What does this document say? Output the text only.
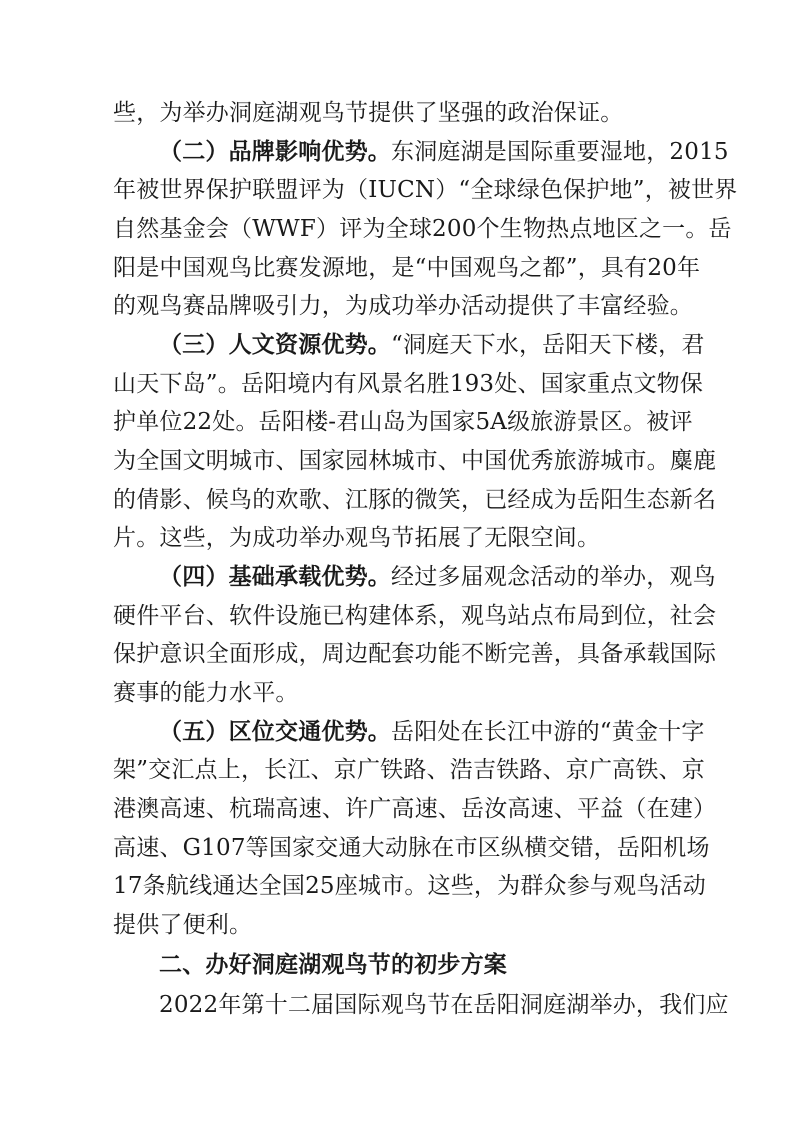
些，为举办洞庭湖观鸟节提供了坚强的政治保证。
（二）品牌影响优势。东洞庭湖是国际重要湿地，2015
年被世界保护联盟评为（IUCN）“全球绿色保护地”，被世界
自然基金会（WWF）评为全球200个生物热点地区之一。岳
阳是中国观鸟比赛发源地，是“中国观鸟之都”，具有20年
的观鸟赛品牌吸引力，为成功举办活动提供了丰富经验。
（三）人文资源优势。“洞庭天下水，岳阳天下楼，君
山天下岛”。岳阳境内有风景名胜193处、国家重点文物保
护单位22处。岳阳楼-君山岛为国家5A级旅游景区。被评
为全国文明城市、国家园林城市、中国优秀旅游城市。麋鹿
的倩影、候鸟的欢歌、江豚的微笑，已经成为岳阳生态新名
片。这些，为成功举办观鸟节拓展了无限空间。
（四）基础承载优势。经过多届观念活动的举办，观鸟
硬件平台、软件设施已构建体系，观鸟站点布局到位，社会
保护意识全面形成，周边配套功能不断完善，具备承载国际
赛事的能力水平。
（五）区位交通优势。岳阳处在长江中游的“黄金十字
架”交汇点上，长江、京广铁路、浩吉铁路、京广高铁、京
港澳高速、杭瑞高速、许广高速、岳汝高速、平益（在建）
高速、G107等国家交通大动脉在市区纵横交错，岳阳机场
17条航线通达全国25座城市。这些，为群众参与观鸟活动
提供了便利。
二、办好洞庭湖观鸟节的初步方案
2022年第十二届国际观鸟节在岳阳洞庭湖举办，我们应
